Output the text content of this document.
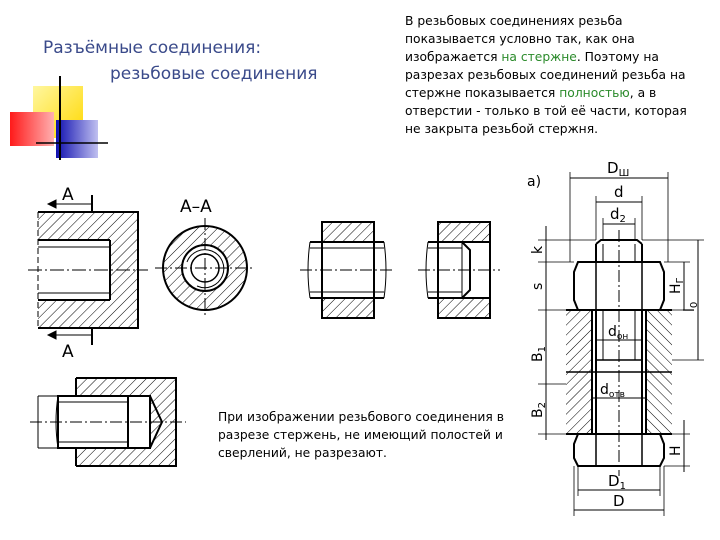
Разъёмные соединения:
резьбовые соединения
В резьбовых соединениях резьба показывается условно так, как она изображается на стержне. Поэтому на разрезах резьбовых соединений резьба на стержне показывается полностью, а в отверстии - только в той её части, которая не закрыта резьбой стержня.
При изображении резьбового соединения в разрезе стержень, не имеющий полостей и сверлений, не разрезают.
A
A
A–A
а)
$D_Ш$
d
$d_2$
k
s
$B_1$
$B_2$
$H_Г$
$l_0$
$d_{он}$
$d_{отв}$
H
$D_1$
D
